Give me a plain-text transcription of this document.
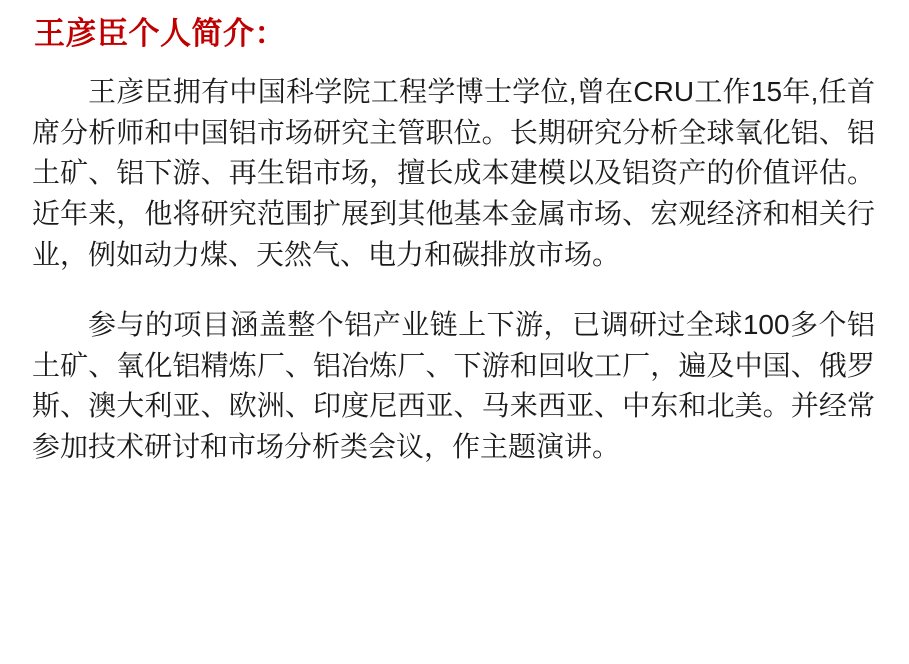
王彦臣个人简介：

王彦臣拥有中国科学院工程学博士学位,曾在CRU工作15年,任首席分析师和中国铝市场研究主管职位。长期研究分析全球氧化铝、铝土矿、铝下游、再生铝市场，擅长成本建模以及铝资产的价值评估。近年来，他将研究范围扩展到其他基本金属市场、宏观经济和相关行业，例如动力煤、天然气、电力和碳排放市场。

参与的项目涵盖整个铝产业链上下游，已调研过全球100多个铝土矿、氧化铝精炼厂、铝冶炼厂、下游和回收工厂，遍及中国、俄罗斯、澳大利亚、欧洲、印度尼西亚、马来西亚、中东和北美。并经常参加技术研讨和市场分析类会议，作主题演讲。
